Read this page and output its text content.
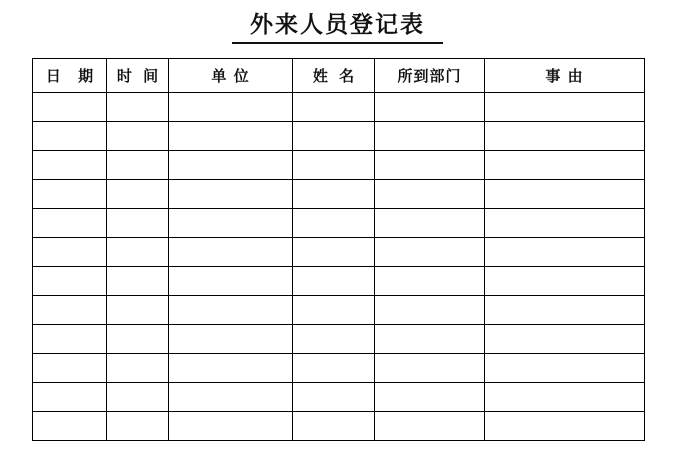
外来人员登记表
日 期	时 间	单 位	姓 名	所到部门	事 由
